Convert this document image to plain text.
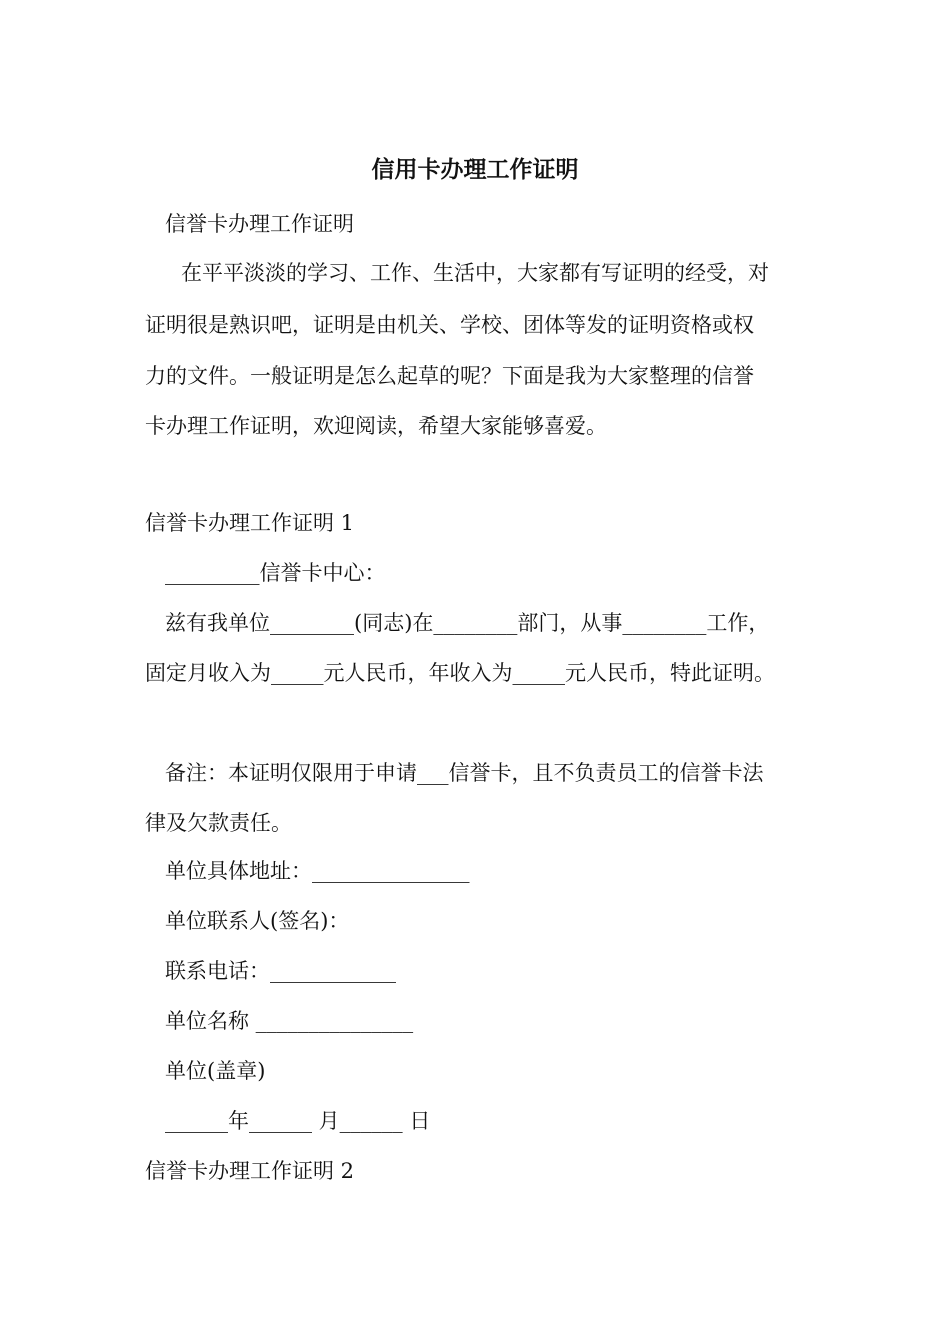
信用卡办理工作证明
信誉卡办理工作证明
在平平淡淡的学习、工作、生活中，大家都有写证明的经受，对
证明很是熟识吧，证明是由机关、学校、团体等发的证明资格或权
力的文件。一般证明是怎么起草的呢？下面是我为大家整理的信誉
卡办理工作证明，欢迎阅读，希望大家能够喜爱。
信誉卡办理工作证明 1
_________信誉卡中心：
兹有我单位________(同志)在________部门，从事________工作，
固定月收入为_____元人民币，年收入为_____元人民币，特此证明。
备注：本证明仅限用于申请___信誉卡，且不负责员工的信誉卡法
律及欠款责任。
单位具体地址：_______________
单位联系人(签名)：
联系电话：____________
单位名称 _______________
单位(盖章)
______年______ 月______ 日
信誉卡办理工作证明 2
